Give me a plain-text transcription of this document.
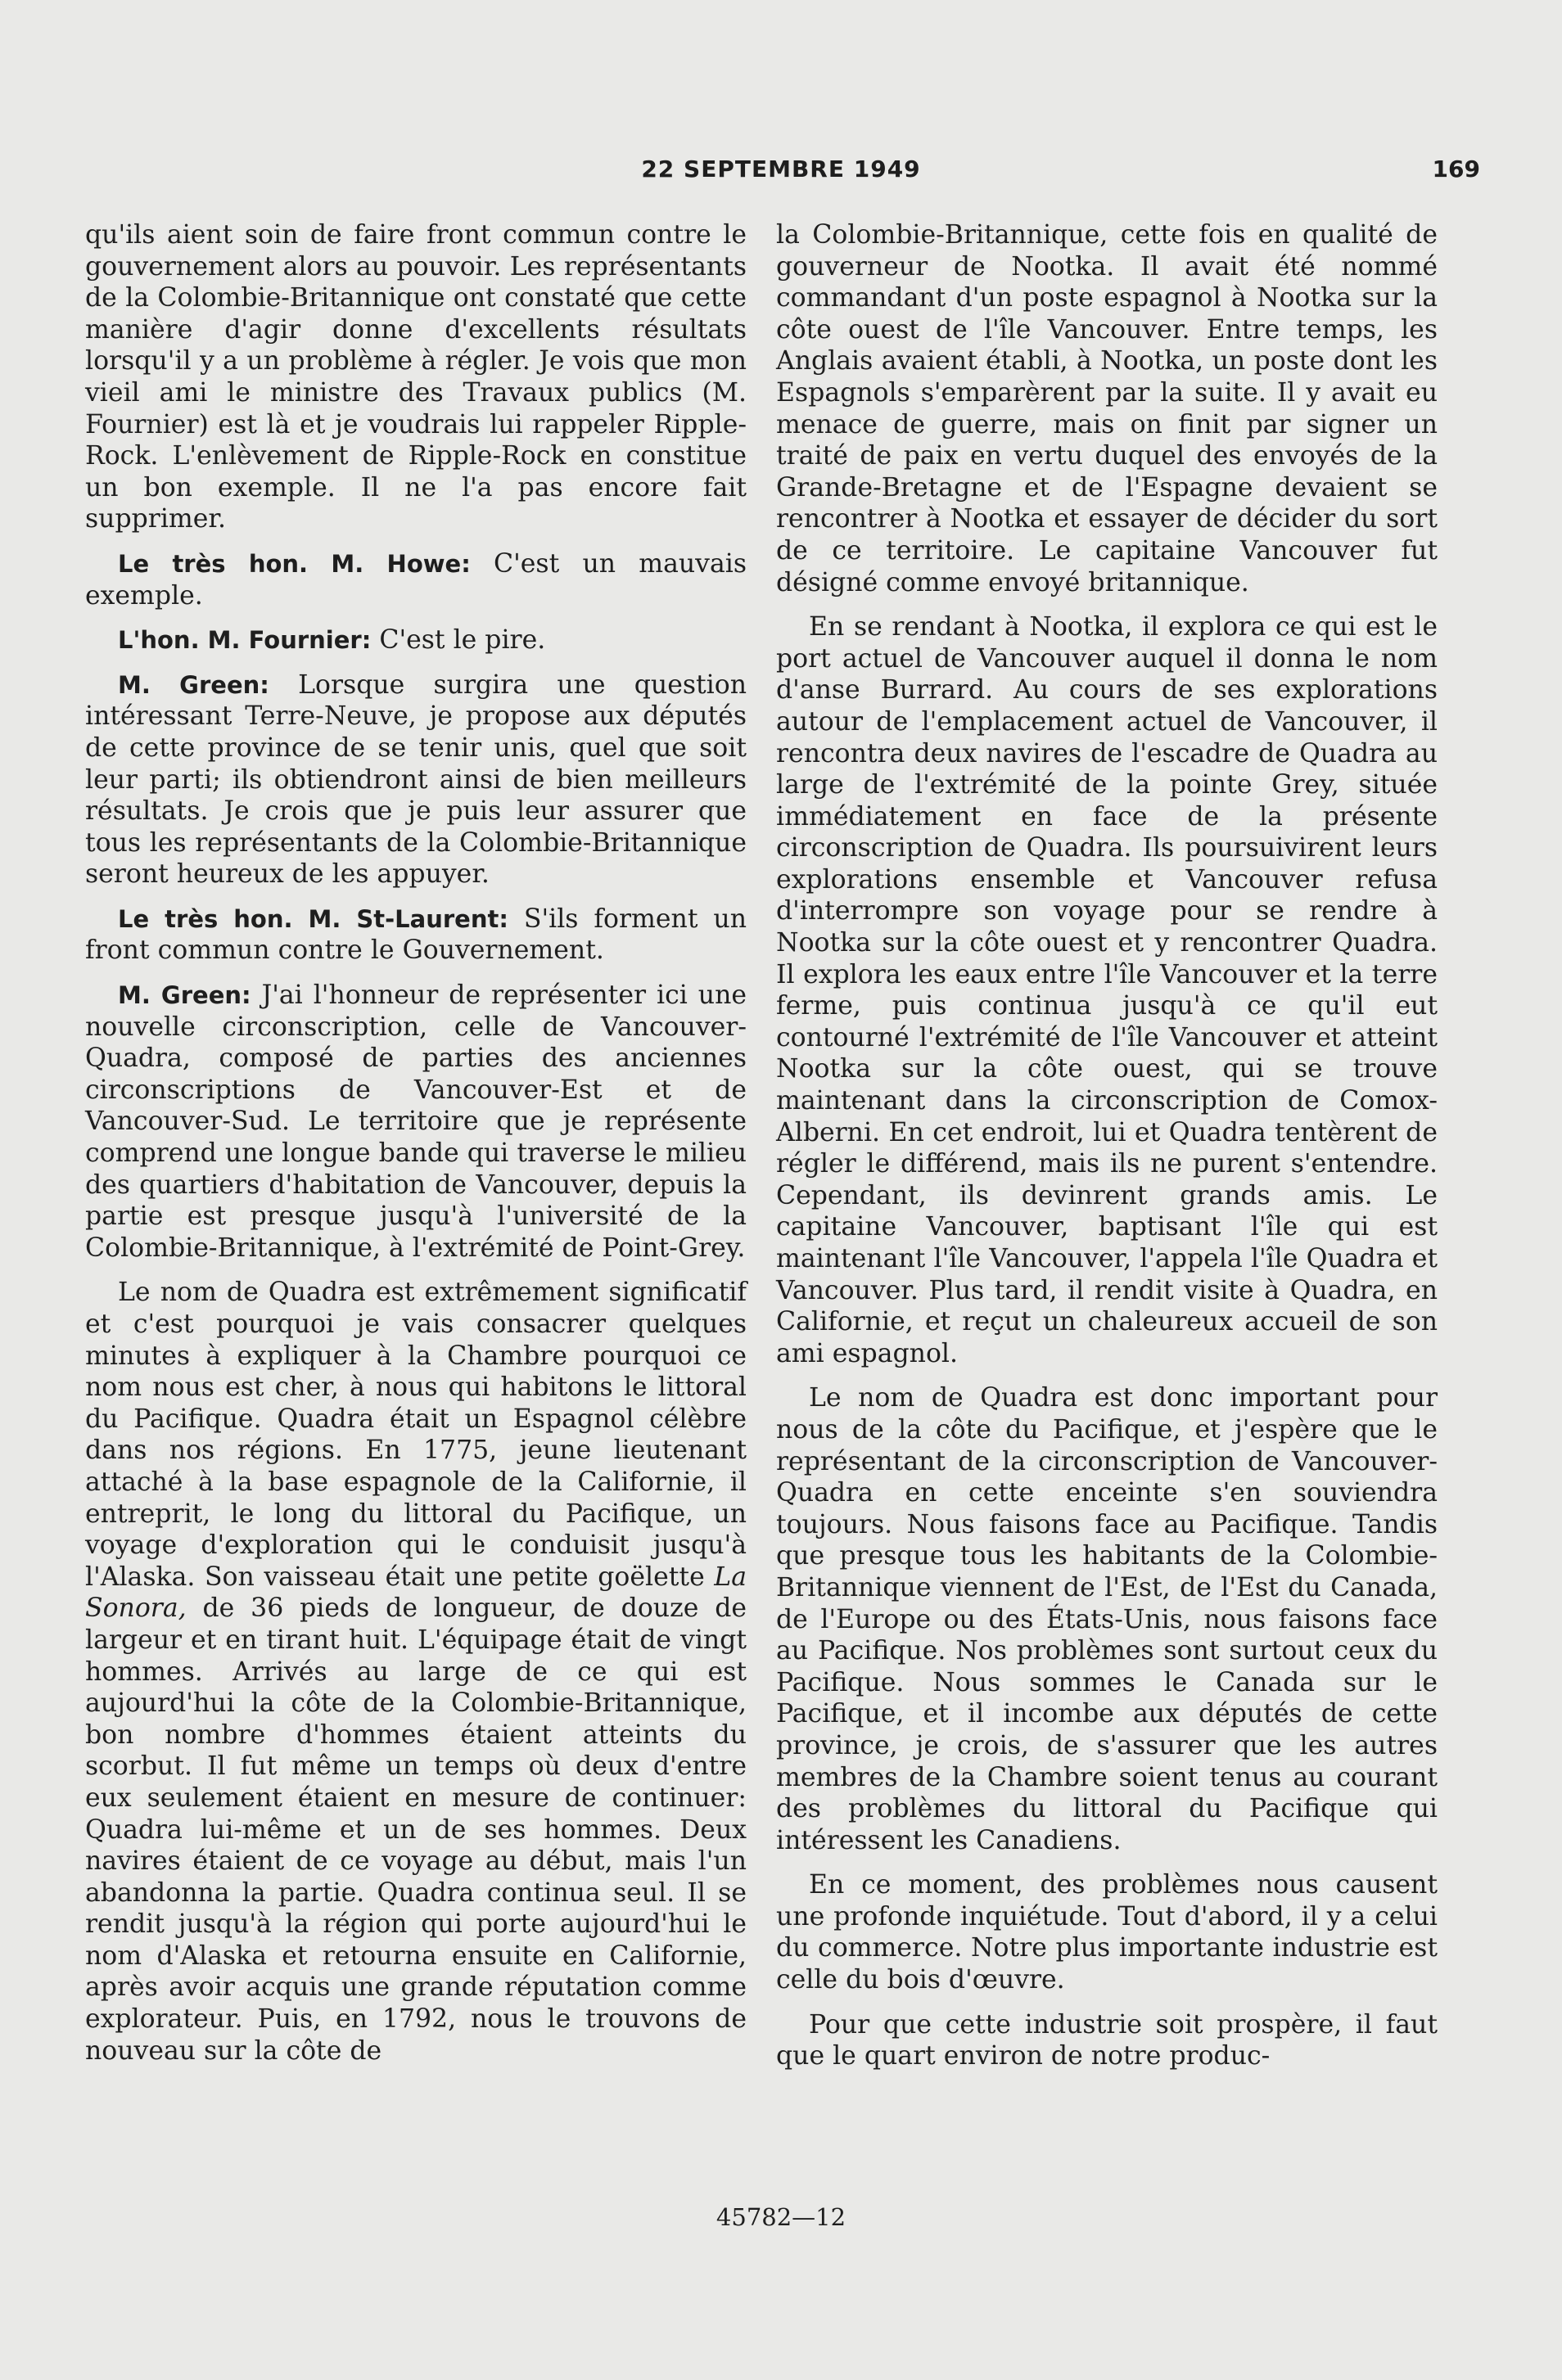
22 SEPTEMBRE 1949	169

qu'ils aient soin de faire front commun contre le gouvernement alors au pouvoir. Les représentants de la Colombie-Britannique ont constaté que cette manière d'agir donne d'excellents résultats lorsqu'il y a un problème à régler. Je vois que mon vieil ami le ministre des Travaux publics (M. Fournier) est là et je voudrais lui rappeler Ripple-Rock. L'enlèvement de Ripple-Rock en constitue un bon exemple. Il ne l'a pas encore fait supprimer.

Le très hon. M. Howe: C'est un mauvais exemple.

L'hon. M. Fournier: C'est le pire.

M. Green: Lorsque surgira une question intéressant Terre-Neuve, je propose aux députés de cette province de se tenir unis, quel que soit leur parti; ils obtiendront ainsi de bien meilleurs résultats. Je crois que je puis leur assurer que tous les représentants de la Colombie-Britannique seront heureux de les appuyer.

Le très hon. M. St-Laurent: S'ils forment un front commun contre le Gouvernement.

M. Green: J'ai l'honneur de représenter ici une nouvelle circonscription, celle de Vancouver-Quadra, composé de parties des anciennes circonscriptions de Vancouver-Est et de Vancouver-Sud. Le territoire que je représente comprend une longue bande qui traverse le milieu des quartiers d'habitation de Vancouver, depuis la partie est presque jusqu'à l'université de la Colombie-Britannique, à l'extrémité de Point-Grey.

Le nom de Quadra est extrêmement significatif et c'est pourquoi je vais consacrer quelques minutes à expliquer à la Chambre pourquoi ce nom nous est cher, à nous qui habitons le littoral du Pacifique. Quadra était un Espagnol célèbre dans nos régions. En 1775, jeune lieutenant attaché à la base espagnole de la Californie, il entreprit, le long du littoral du Pacifique, un voyage d'exploration qui le conduisit jusqu'à l'Alaska. Son vaisseau était une petite goëlette La Sonora, de 36 pieds de longueur, de douze de largeur et en tirant huit. L'équipage était de vingt hommes. Arrivés au large de ce qui est aujourd'hui la côte de la Colombie-Britannique, bon nombre d'hommes étaient atteints du scorbut. Il fut même un temps où deux d'entre eux seulement étaient en mesure de continuer: Quadra lui-même et un de ses hommes. Deux navires étaient de ce voyage au début, mais l'un abandonna la partie. Quadra continua seul. Il se rendit jusqu'à la région qui porte aujourd'hui le nom d'Alaska et retourna ensuite en Californie, après avoir acquis une grande réputation comme explorateur. Puis, en 1792, nous le trouvons de nouveau sur la côte de

la Colombie-Britannique, cette fois en qualité de gouverneur de Nootka. Il avait été nommé commandant d'un poste espagnol à Nootka sur la côte ouest de l'île Vancouver. Entre temps, les Anglais avaient établi, à Nootka, un poste dont les Espagnols s'emparèrent par la suite. Il y avait eu menace de guerre, mais on finit par signer un traité de paix en vertu duquel des envoyés de la Grande-Bretagne et de l'Espagne devaient se rencontrer à Nootka et essayer de décider du sort de ce territoire. Le capitaine Vancouver fut désigné comme envoyé britannique.

En se rendant à Nootka, il explora ce qui est le port actuel de Vancouver auquel il donna le nom d'anse Burrard. Au cours de ses explorations autour de l'emplacement actuel de Vancouver, il rencontra deux navires de l'escadre de Quadra au large de l'extrémité de la pointe Grey, située immédiatement en face de la présente circonscription de Quadra. Ils poursuivirent leurs explorations ensemble et Vancouver refusa d'interrompre son voyage pour se rendre à Nootka sur la côte ouest et y rencontrer Quadra. Il explora les eaux entre l'île Vancouver et la terre ferme, puis continua jusqu'à ce qu'il eut contourné l'extrémité de l'île Vancouver et atteint Nootka sur la côte ouest, qui se trouve maintenant dans la circonscription de Comox-Alberni. En cet endroit, lui et Quadra tentèrent de régler le différend, mais ils ne purent s'entendre. Cependant, ils devinrent grands amis. Le capitaine Vancouver, baptisant l'île qui est maintenant l'île Vancouver, l'appela l'île Quadra et Vancouver. Plus tard, il rendit visite à Quadra, en Californie, et reçut un chaleureux accueil de son ami espagnol.

Le nom de Quadra est donc important pour nous de la côte du Pacifique, et j'espère que le représentant de la circonscription de Vancouver-Quadra en cette enceinte s'en souviendra toujours. Nous faisons face au Pacifique. Tandis que presque tous les habitants de la Colombie-Britannique viennent de l'Est, de l'Est du Canada, de l'Europe ou des États-Unis, nous faisons face au Pacifique. Nos problèmes sont surtout ceux du Pacifique. Nous sommes le Canada sur le Pacifique, et il incombe aux députés de cette province, je crois, de s'assurer que les autres membres de la Chambre soient tenus au courant des problèmes du littoral du Pacifique qui intéressent les Canadiens.

En ce moment, des problèmes nous causent une profonde inquiétude. Tout d'abord, il y a celui du commerce. Notre plus importante industrie est celle du bois d'œuvre.

Pour que cette industrie soit prospère, il faut que le quart environ de notre produc-

45782—12
